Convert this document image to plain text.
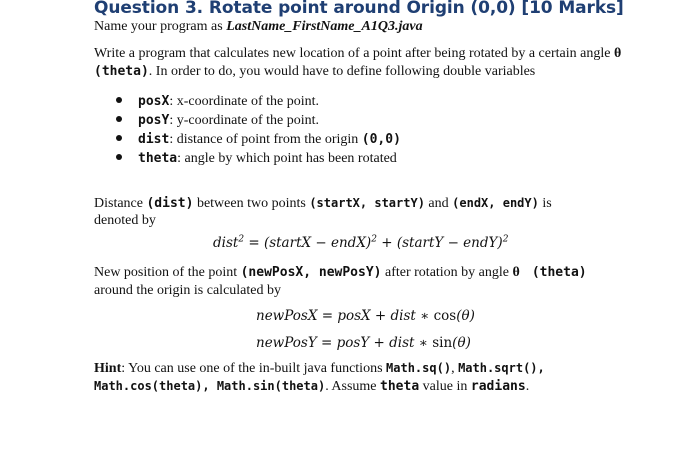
Question 3. Rotate point around Origin (0,0) [10 Marks]
Name your program as LastName_FirstName_A1Q3.java
Write a program that calculates new location of a point after being rotated by a certain angle θ
(theta). In order to do, you would have to define following double variables
posX: x-coordinate of the point.
posY: y-coordinate of the point.
dist: distance of point from the origin (0,0)
theta: angle by which point has been rotated
Distance (dist) between two points (startX, startY) and (endX, endY) is
denoted by
dist$^2$ = (startX − endX)$^2$ + (startY − endY)$^2$
New position of the point (newPosX, newPosY) after rotation by angle θ (theta)
around the origin is calculated by
newPosX = posX + dist ∗ cos(θ)
newPosY = posY + dist ∗ sin(θ)
Hint: You can use one of the in-built java functions Math.sq(), Math.sqrt(),
Math.cos(theta), Math.sin(theta). Assume theta value in radians.
